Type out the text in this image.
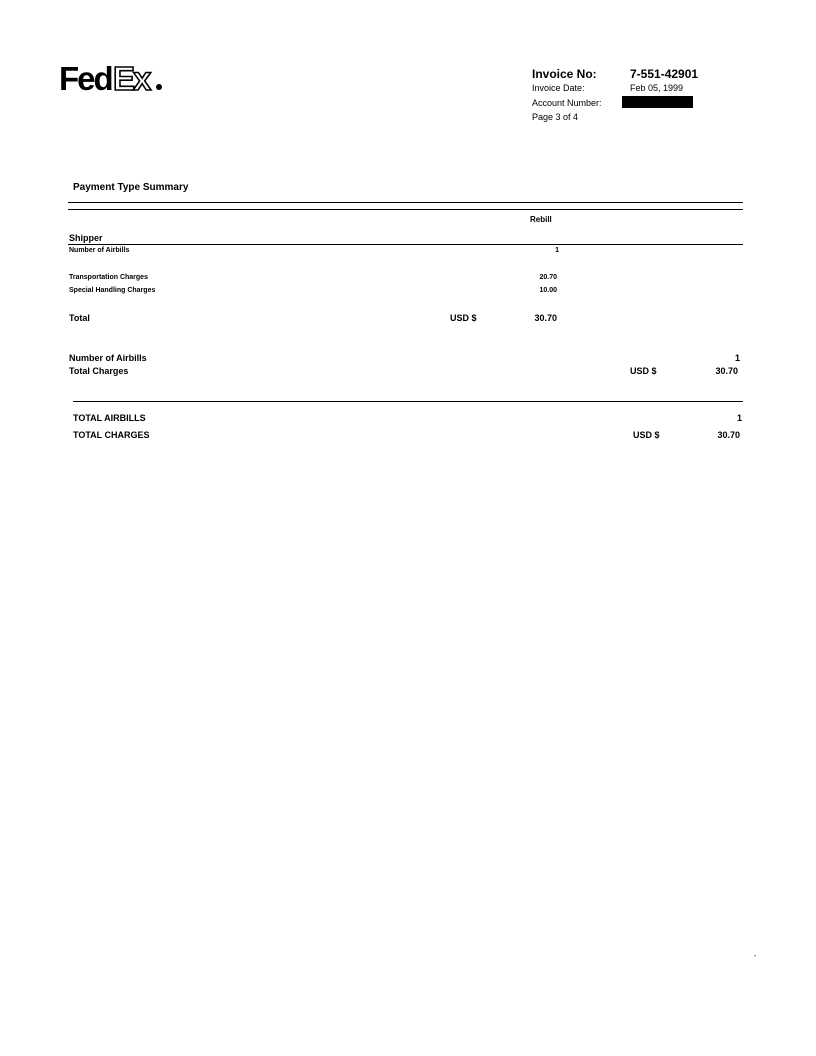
Fed Ex	Invoice No:	7-551-42901
Invoice Date:	Feb 05, 1999
Account Number:
Page 3 of 4
Payment Type Summary
Rebill
Shipper
Number of Airbills	1
Transportation Charges	20.70
Special Handling Charges	10.00
Total	USD $	30.70
Number of Airbills	1
Total Charges	USD $	30.70
TOTAL AIRBILLS	1
TOTAL CHARGES	USD $	30.70
-
